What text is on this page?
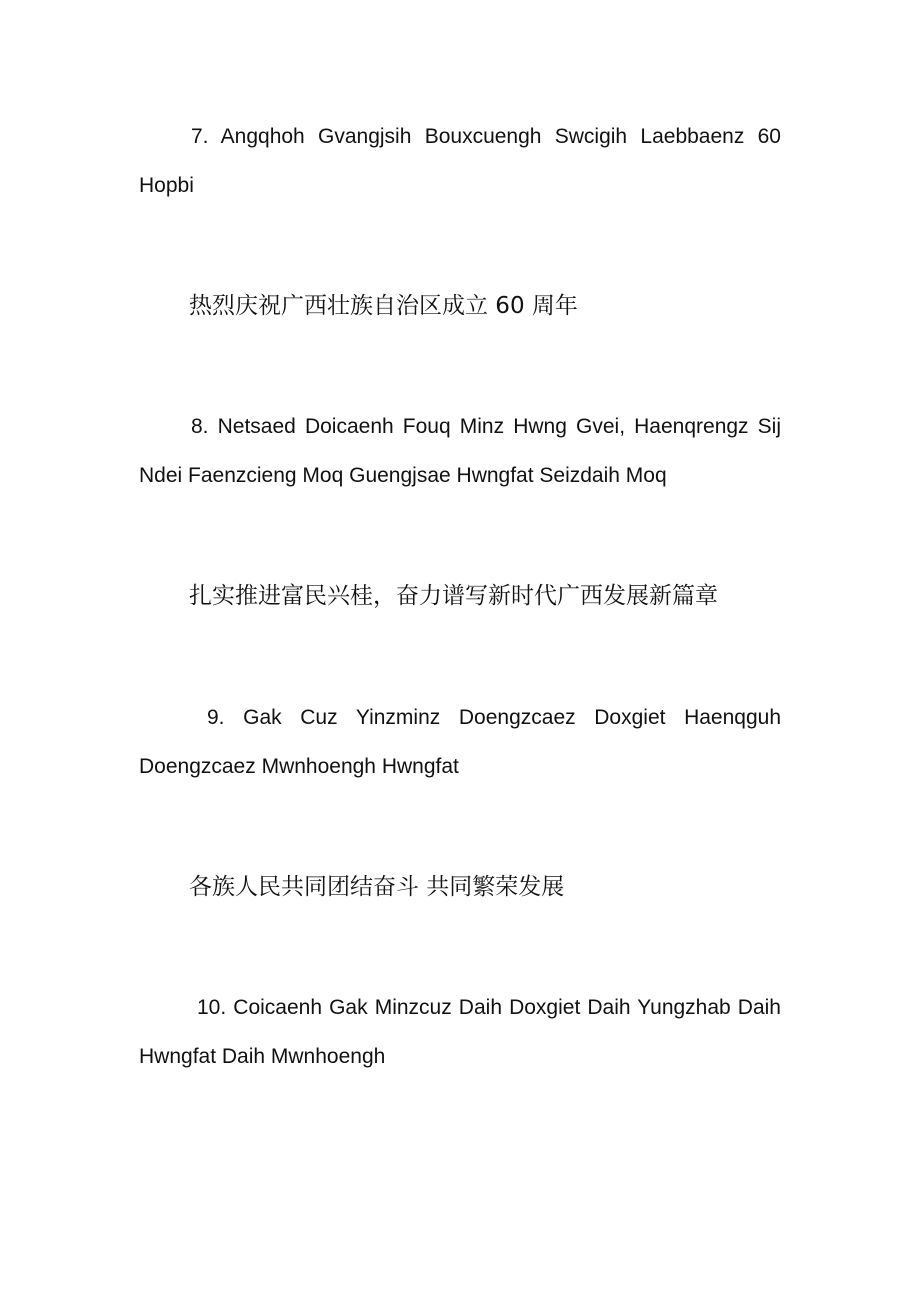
7. Angqhoh Gvangjsih Bouxcuengh Swcigih Laebbaenz 60 Hopbi

热烈庆祝广西壮族自治区成立 60 周年

8. Netsaed Doicaenh Fouq Minz Hwng Gvei, Haenqrengz Sij Ndei Faenzcieng Moq Guengjsae Hwngfat Seizdaih Moq

扎实推进富民兴桂，奋力谱写新时代广西发展新篇章

9. Gak Cuz Yinzminz Doengzcaez Doxgiet Haenqguh Doengzcaez Mwnhoengh Hwngfat

各族人民共同团结奋斗 共同繁荣发展

10. Coicaenh Gak Minzcuz Daih Doxgiet Daih Yungzhab Daih Hwngfat Daih Mwnhoengh
